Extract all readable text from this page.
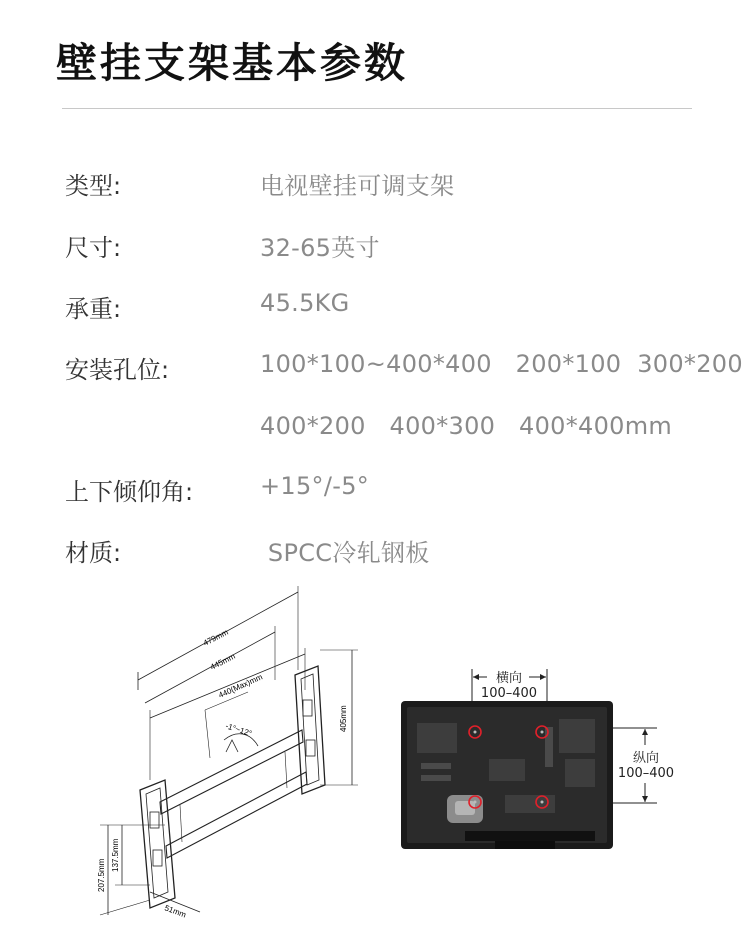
壁挂支架基本参数
类型:	电视壁挂可调支架
尺寸:	32-65英寸
承重:	45.5KG
安装孔位:	100*100~400*400   200*100  300*200
400*200   400*300   400*400mm
上下倾仰角:	+15°/-5°
材质:	SPCC冷轧钢板
479mm
445mm
440(Max)mm
-1°~12°	405mm
207.5mm
137.5mm
51mm
横向
100–400
纵向
100–400
